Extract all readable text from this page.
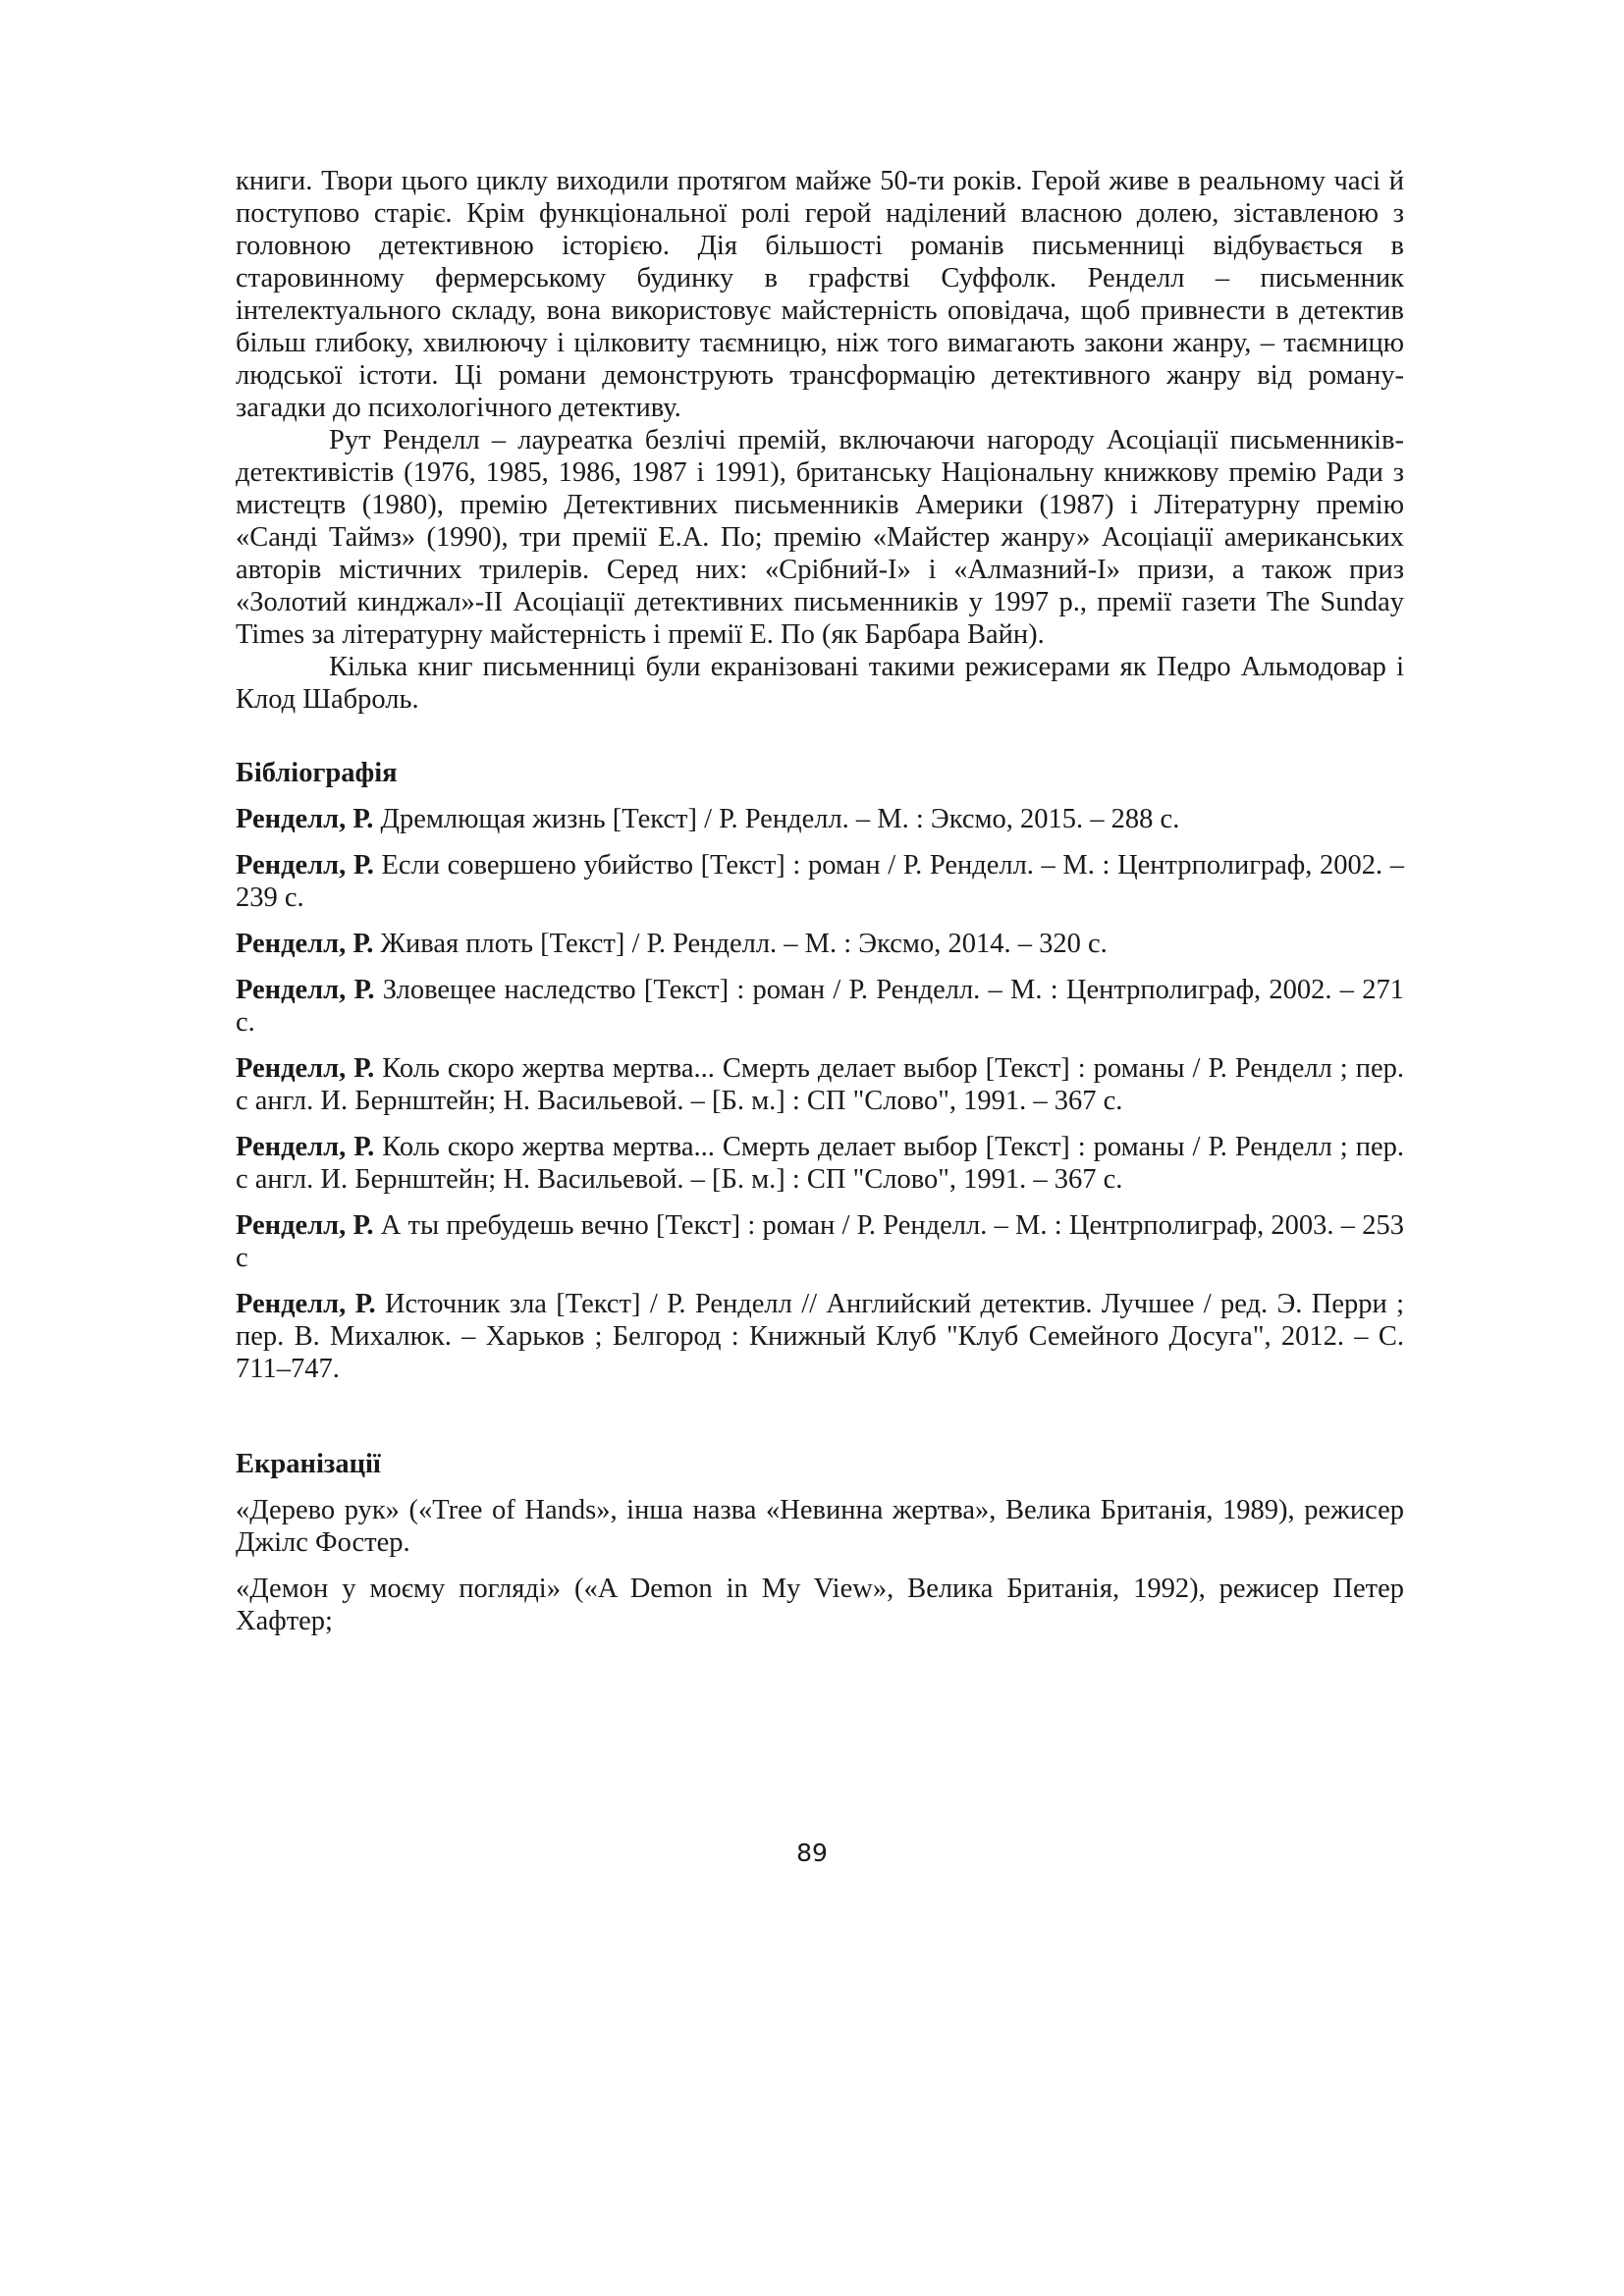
книги. Твори цього циклу виходили протягом майже 50-ти років. Герой живе в реальному часі й поступово старіє. Крім функціональної ролі герой наділений власною долею, зіставленою з головною детективною історією. Дія більшості романів письменниці відбувається в старовинному фермерському будинку в графстві Суффолк. Ренделл – письменник інтелектуального складу, вона використовує майстерність оповідача, щоб привнести в детектив більш глибоку, хвилюючу і цілковиту таємницю, ніж того вимагають закони жанру, – таємницю людської істоти. Ці романи демонструють трансформацію детективного жанру від роману-загадки до психологічного детективу.

Рут Ренделл – лауреатка безлічі премій, включаючи нагороду Асоціації письменників-детективістів (1976, 1985, 1986, 1987 і 1991), британську Національну книжкову премію Ради з мистецтв (1980), премію Детективних письменників Америки (1987) і Літературну премію «Санді Таймз» (1990), три премії Е.А. По; премію «Майстер жанру» Асоціації американських авторів містичних трилерів. Серед них: «Срібний-І» і «Алмазний-І» призи, а також приз «Золотий кинджал»-ІІ Асоціації детективних письменників у 1997 р., премії газети The Sunday Times за літературну майстерність і премії Е. По (як Барбара Вайн).

Кілька книг письменниці були екранізовані такими режисерами як Педро Альмодовар і Клод Шаброль.

Бібліографія

Ренделл, Р. Дремлющая жизнь [Текст] / Р. Ренделл. – М. : Эксмо, 2015. – 288 с.

Ренделл, Р. Если совершено убийство [Текст] : роман / Р. Ренделл. – М. : Центрполиграф, 2002. – 239 с.

Ренделл, Р. Живая плоть [Текст] / Р. Ренделл. – М. : Эксмо, 2014. – 320 с.

Ренделл, Р. Зловещее наследство [Текст] : роман / Р. Ренделл. – М. : Центрполиграф, 2002. – 271 с.

Ренделл, Р. Коль скоро жертва мертва... Смерть делает выбор [Текст] : романы / Р. Ренделл ; пер. с англ. И. Бернштейн; Н. Васильевой. – [Б. м.] : СП "Слово", 1991. – 367 с.

Ренделл, Р. Коль скоро жертва мертва... Смерть делает выбор [Текст] : романы / Р. Ренделл ; пер. с англ. И. Бернштейн; Н. Васильевой. – [Б. м.] : СП "Слово", 1991. – 367 с.

Ренделл, Р. А ты пребудешь вечно [Текст] : роман / Р. Ренделл. – М. : Центрполиграф, 2003. – 253 с

Ренделл, Р. Источник зла [Текст] / Р. Ренделл // Английский детектив. Лучшее / ред. Э. Перри ; пер. В. Михалюк. – Харьков ; Белгород : Книжный Клуб "Клуб Семейного Досуга", 2012. – С. 711–747.

Екранізації

«Дерево рук» («Tree of Hands», інша назва «Невинна жертва», Велика Британія, 1989), режисер Джілс Фостер.

«Демон у моєму погляді» («A Demon in My View», Велика Британія, 1992), режисер Петер Хафтер;

89
